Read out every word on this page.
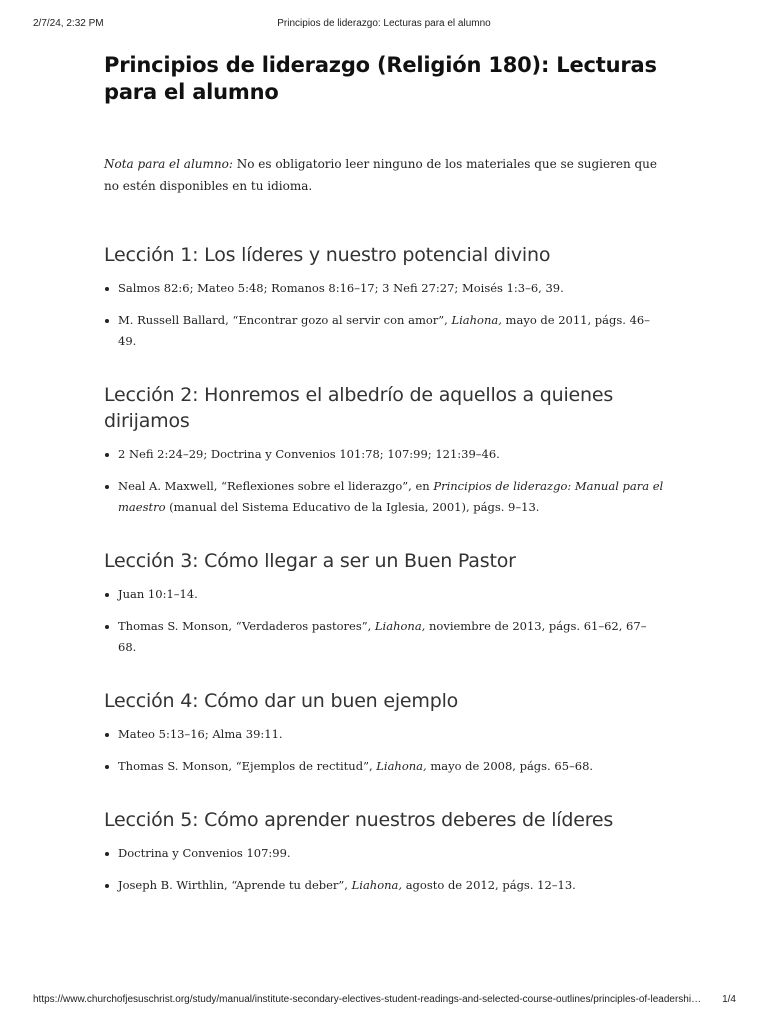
2/7/24, 2:32 PM	Principios de liderazgo: Lecturas para el alumno
Principios de liderazgo (Religión 180): Lecturas para el alumno

Nota para el alumno: No es obligatorio leer ninguno de los materiales que se sugieren que no estén disponibles en tu idioma.

Lección 1: Los líderes y nuestro potencial divino
Salmos 82:6; Mateo 5:48; Romanos 8:16–17; 3 Nefi 27:27; Moisés 1:3–6, 39.
M. Russell Ballard, “Encontrar gozo al servir con amor”, Liahona, mayo de 2011, págs. 46–49.
Lección 2: Honremos el albedrío de aquellos a quienes dirijamos
2 Nefi 2:24–29; Doctrina y Convenios 101:78; 107:99; 121:39–46.
Neal A. Maxwell, “Reflexiones sobre el liderazgo”, en Principios de liderazgo: Manual para el maestro (manual del Sistema Educativo de la Iglesia, 2001), págs. 9–13.
Lección 3: Cómo llegar a ser un Buen Pastor
Juan 10:1–14.
Thomas S. Monson, “Verdaderos pastores”, Liahona, noviembre de 2013, págs. 61–62, 67–68.
Lección 4: Cómo dar un buen ejemplo
Mateo 5:13–16; Alma 39:11.
Thomas S. Monson, “Ejemplos de rectitud”, Liahona, mayo de 2008, págs. 65–68.
Lección 5: Cómo aprender nuestros deberes de líderes
Doctrina y Convenios 107:99.
Joseph B. Wirthlin, “Aprende tu deber”, Liahona, agosto de 2012, págs. 12–13.
https://www.churchofjesuschrist.org/study/manual/institute-secondary-electives-student-readings-and-selected-course-outlines/principles-of-leadershi…	1/4
